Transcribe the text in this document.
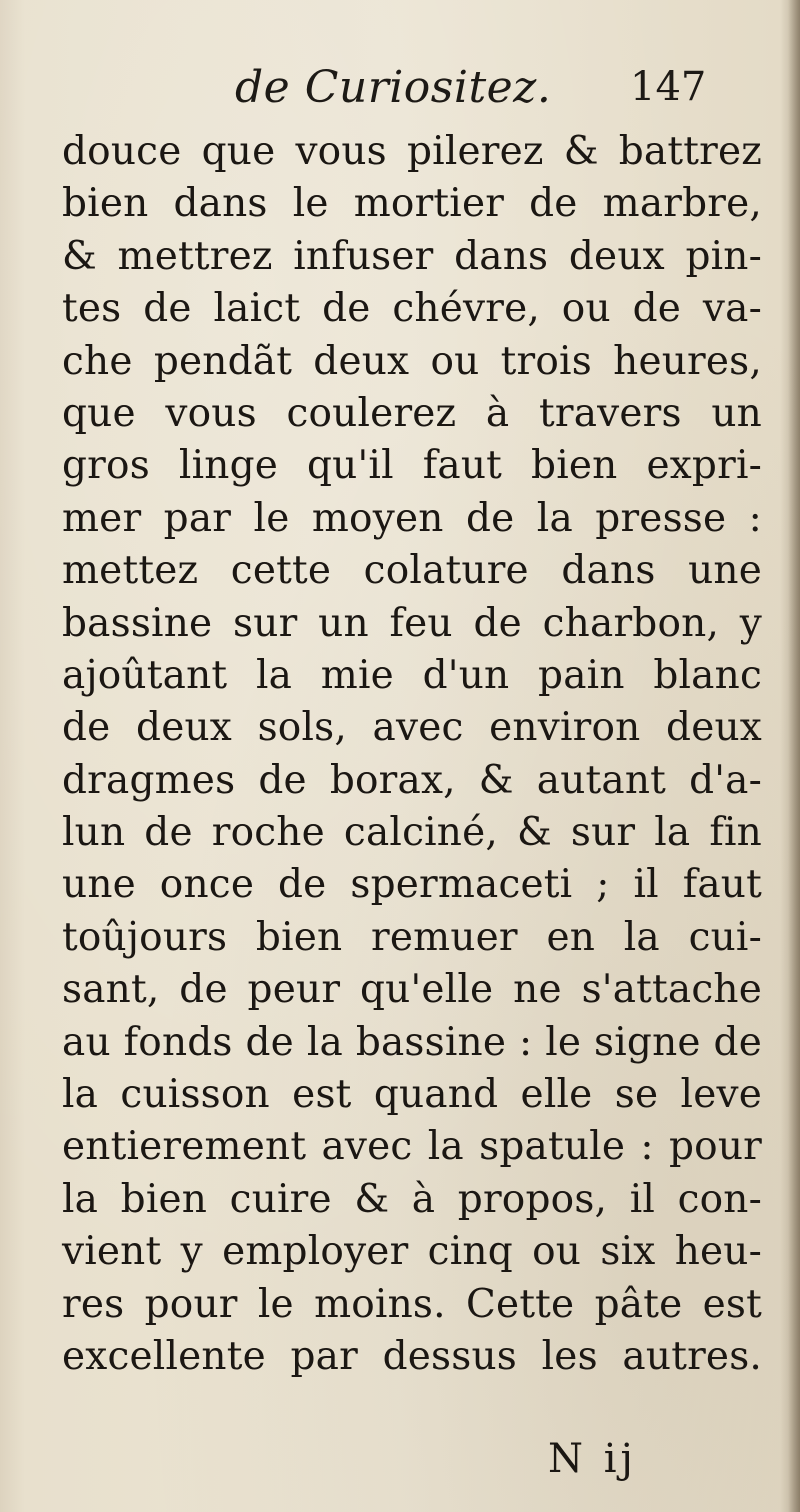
de Curiositez. 147
douce que vous pilerez & battrez
bien dans le mortier de marbre,
& mettrez infuser dans deux pin-
tes de laict de chévre, ou de va-
che pendãt deux ou trois heures,
que vous coulerez à travers un
gros linge qu'il faut bien expri-
mer par le moyen de la presse :
mettez cette colature dans une
bassine sur un feu de charbon, y
ajoûtant la mie d'un pain blanc
de deux sols, avec environ deux
dragmes de borax, & autant d'a-
lun de roche calciné, & sur la fin
une once de spermaceti ; il faut
toûjours bien remuer en la cui-
sant, de peur qu'elle ne s'attache
au fonds de la bassine : le signe de
la cuisson est quand elle se leve
entierement avec la spatule : pour
la bien cuire & à propos, il con-
vient y employer cinq ou six heu-
res pour le moins. Cette pâte est
excellente par dessus les autres.
N ij
